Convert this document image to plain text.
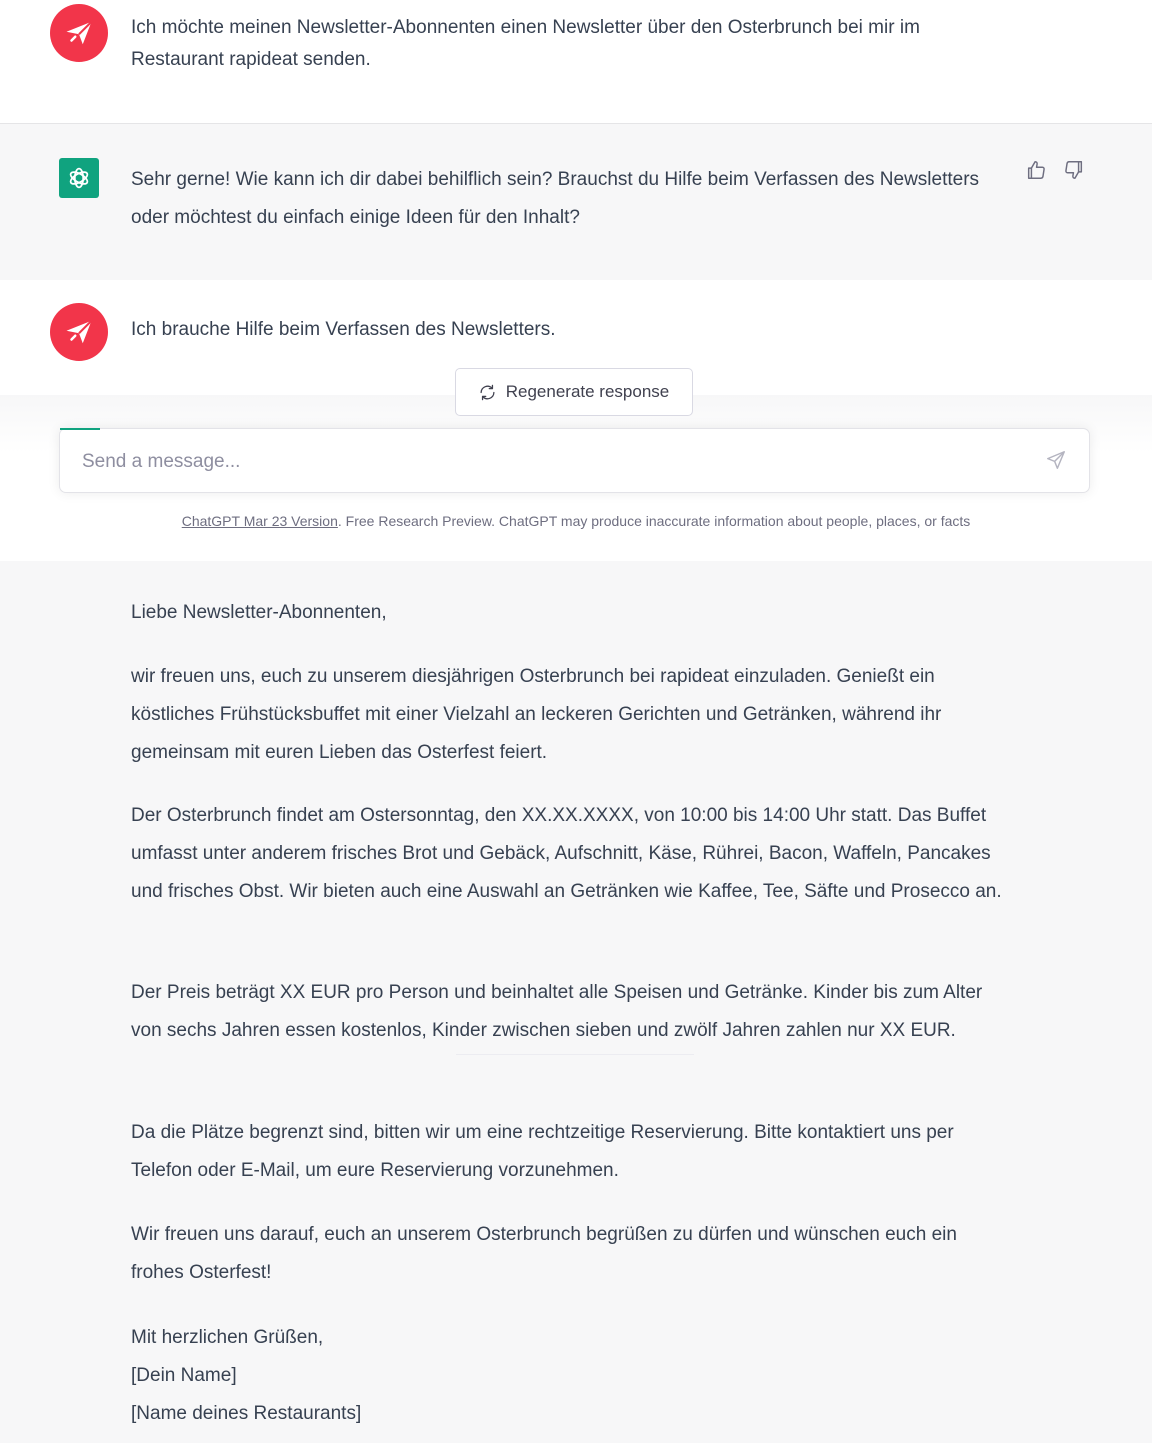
Ich möchte meinen Newsletter-Abonnenten einen Newsletter über den Osterbrunch bei mir im Restaurant rapideat senden.
Sehr gerne! Wie kann ich dir dabei behilflich sein? Brauchst du Hilfe beim Verfassen des Newsletters oder möchtest du einfach einige Ideen für den Inhalt?
Ich brauche Hilfe beim Verfassen des Newsletters.
Regenerate response
Send a message...
ChatGPT Mar 23 Version. Free Research Preview. ChatGPT may produce inaccurate information about people, places, or facts
Liebe Newsletter-Abonnenten,
wir freuen uns, euch zu unserem diesjährigen Osterbrunch bei rapideat einzuladen. Genießt ein köstliches Frühstücksbuffet mit einer Vielzahl an leckeren Gerichten und Getränken, während ihr gemeinsam mit euren Lieben das Osterfest feiert.
Der Osterbrunch findet am Ostersonntag, den XX.XX.XXXX, von 10:00 bis 14:00 Uhr statt. Das Buffet umfasst unter anderem frisches Brot und Gebäck, Aufschnitt, Käse, Rührei, Bacon, Waffeln, Pancakes und frisches Obst. Wir bieten auch eine Auswahl an Getränken wie Kaffee, Tee, Säfte und Prosecco an.
Der Preis beträgt XX EUR pro Person und beinhaltet alle Speisen und Getränke. Kinder bis zum Alter von sechs Jahren essen kostenlos, Kinder zwischen sieben und zwölf Jahren zahlen nur XX EUR.
Da die Plätze begrenzt sind, bitten wir um eine rechtzeitige Reservierung. Bitte kontaktiert uns per Telefon oder E-Mail, um eure Reservierung vorzunehmen.
Wir freuen uns darauf, euch an unserem Osterbrunch begrüßen zu dürfen und wünschen euch ein frohes Osterfest!
Mit herzlichen Grüßen,
[Dein Name]
[Name deines Restaurants]
